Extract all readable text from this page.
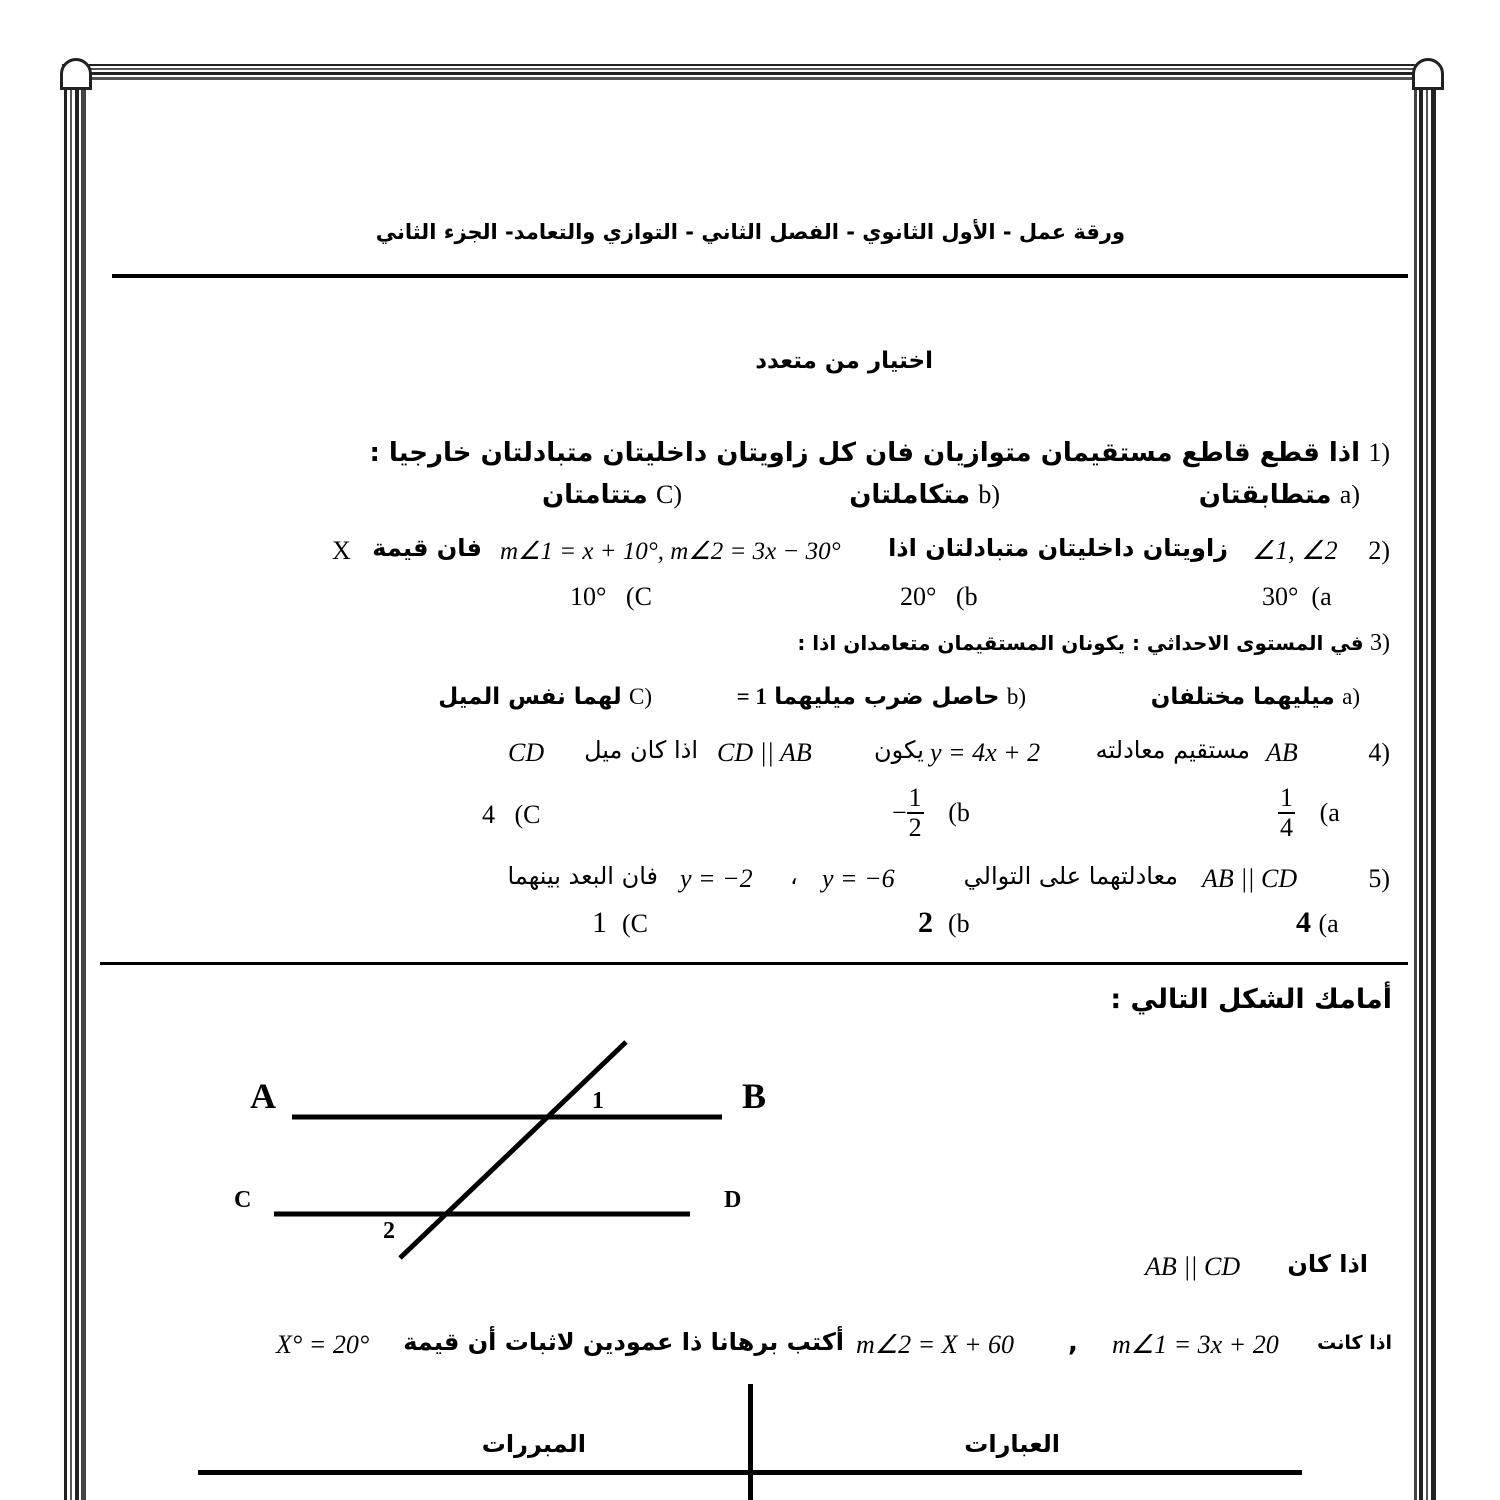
ورقة عمل - الأول الثانوي - الفصل الثاني - التوازي والتعامد- الجزء الثاني
اختيار من متعدد
1) اذا قطع قاطع مستقيمان متوازيان فان كل زاويتان داخليتان متبادلتان خارجيا :
a) متطابقتان
b) متكاملتان
C) متتامتان
2)
∠1, ∠2
زاويتان داخليتان متبادلتان اذا
m∠1 = x + 10°, m∠2 = 3x − 30°
فان قيمة
X
30° (a
20° (b
10° (C
3) في المستوى الاحداثي : يكونان المستقيمان متعامدان اذا :
a) ميليهما مختلفان
b) حاصل ضرب ميليهما = 1
C) لهما نفس الميل
4)
AB
مستقيم معادلته
y = 4x + 2
يكون
CD || AB
اذا كان ميل
CD
$\frac{1}{4} (a$
− $\frac{1}{2} (b$
4 (C
5)
AB || CD
معادلتهما على التوالي
y = −6
،
y = −2
فان البعد بينهما
4 (a
2 (b
1 (C
أمامك الشكل التالي :
A	B
C	D
1
2
اذا كان
AB || CD
اذا كانت
m∠1 = 3x + 20
,
m∠2 = X + 60
أكتب برهانا ذا عمودين لاثبات أن قيمة
X° = 20°
العبارات
المبررات
